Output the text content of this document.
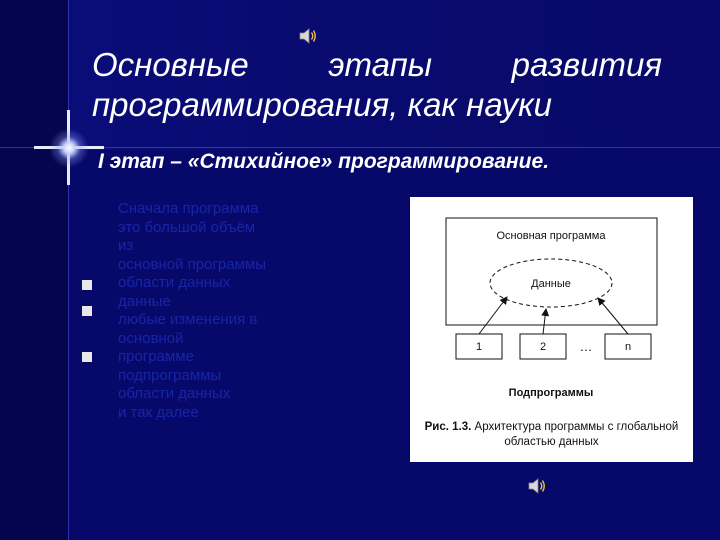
Основные этапы развития
программирования, как науки
I этап – «Стихийное» программирование.
Сначала программа
это большой объём
из
основной программы
области данных
данные
любые изменения в
основной
программе
подпрограммы
области данных
и так далее
Основная программа
Данные
1	2	…	n
Подпрограммы
Рис. 1.3. Архитектура программы с глобальной областью данных
